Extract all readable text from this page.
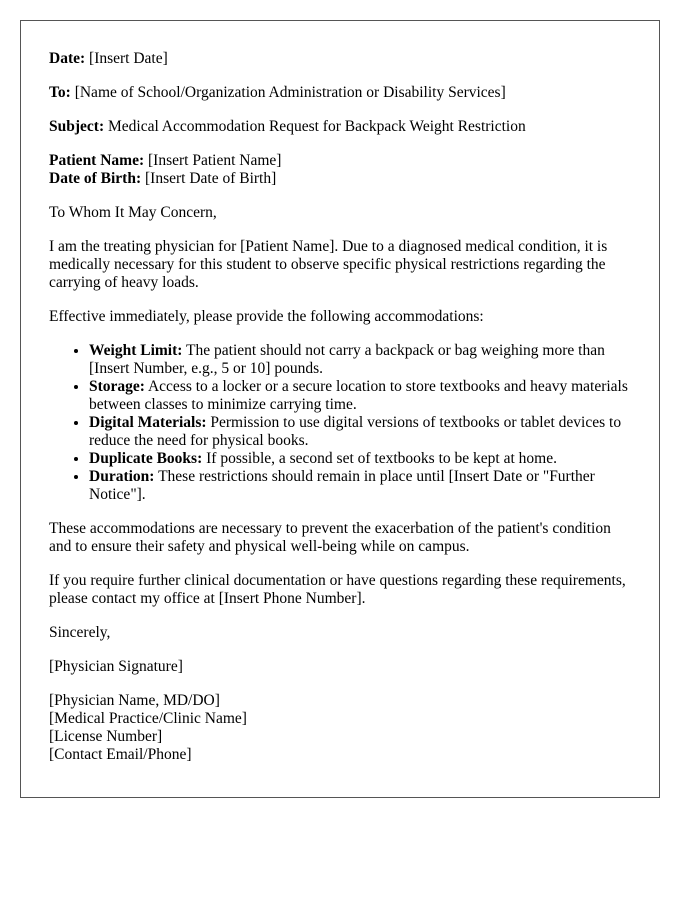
Date: [Insert Date]

To: [Name of School/Organization Administration or Disability Services]

Subject: Medical Accommodation Request for Backpack Weight Restriction

Patient Name: [Insert Patient Name]
Date of Birth: [Insert Date of Birth]

To Whom It May Concern,

I am the treating physician for [Patient Name]. Due to a diagnosed medical condition, it is medically necessary for this student to observe specific physical restrictions regarding the carrying of heavy loads.

Effective immediately, please provide the following accommodations:

• Weight Limit: The patient should not carry a backpack or bag weighing more than [Insert Number, e.g., 5 or 10] pounds.
• Storage: Access to a locker or a secure location to store textbooks and heavy materials between classes to minimize carrying time.
• Digital Materials: Permission to use digital versions of textbooks or tablet devices to reduce the need for physical books.
• Duplicate Books: If possible, a second set of textbooks to be kept at home.
• Duration: These restrictions should remain in place until [Insert Date or "Further Notice"].

These accommodations are necessary to prevent the exacerbation of the patient's condition and to ensure their safety and physical well-being while on campus.

If you require further clinical documentation or have questions regarding these requirements, please contact my office at [Insert Phone Number].

Sincerely,

[Physician Signature]

[Physician Name, MD/DO]
[Medical Practice/Clinic Name]
[License Number]
[Contact Email/Phone]
